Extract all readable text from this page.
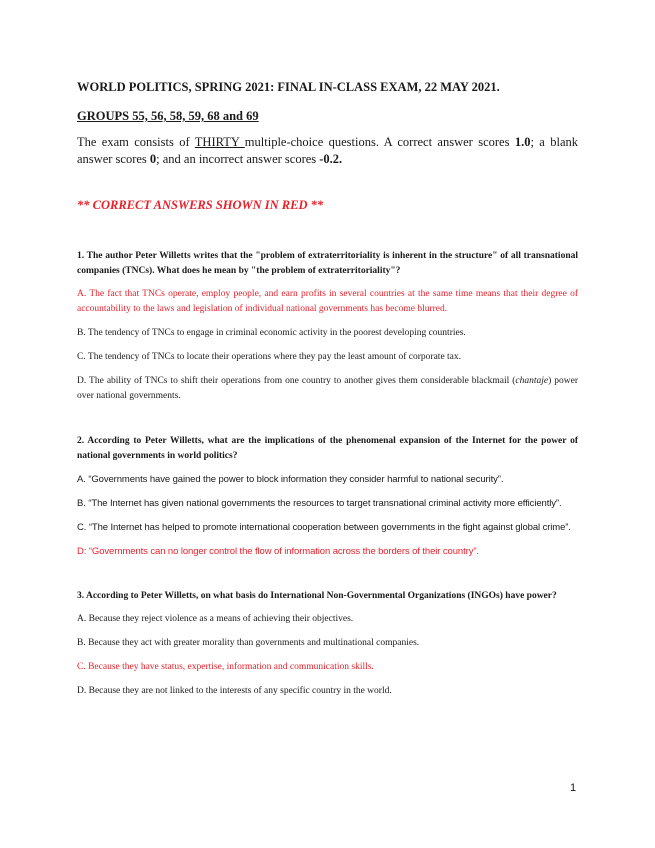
WORLD POLITICS, SPRING 2021: FINAL IN-CLASS EXAM, 22 MAY 2021.

GROUPS 55, 56, 58, 59, 68 and 69

The exam consists of THIRTY multiple-choice questions. A correct answer scores 1.0; a blank answer scores 0; and an incorrect answer scores -0.2.

** CORRECT ANSWERS SHOWN IN RED **

1. The author Peter Willetts writes that the "problem of extraterritoriality is inherent in the structure" of all transnational companies (TNCs). What does he mean by "the problem of extraterritoriality"?

A. The fact that TNCs operate, employ people, and earn profits in several countries at the same time means that their degree of accountability to the laws and legislation of individual national governments has become blurred.

B. The tendency of TNCs to engage in criminal economic activity in the poorest developing countries.

C. The tendency of TNCs to locate their operations where they pay the least amount of corporate tax.

D. The ability of TNCs to shift their operations from one country to another gives them considerable blackmail (chantaje) power over national governments.

2. According to Peter Willetts, what are the implications of the phenomenal expansion of the Internet for the power of national governments in world politics?

A. “Governments have gained the power to block information they consider harmful to national security”.

B. “The Internet has given national governments the resources to target transnational criminal activity more efficiently”.

C. “The Internet has helped to promote international cooperation between governments in the fight against global crime”.

D: “Governments can no longer control the flow of information across the borders of their country”.

3. According to Peter Willetts, on what basis do International Non-Governmental Organizations (INGOs) have power?

A. Because they reject violence as a means of achieving their objectives.

B. Because they act with greater morality than governments and multinational companies.

C. Because they have status, expertise, information and communication skills.

D. Because they are not linked to the interests of any specific country in the world.

1
